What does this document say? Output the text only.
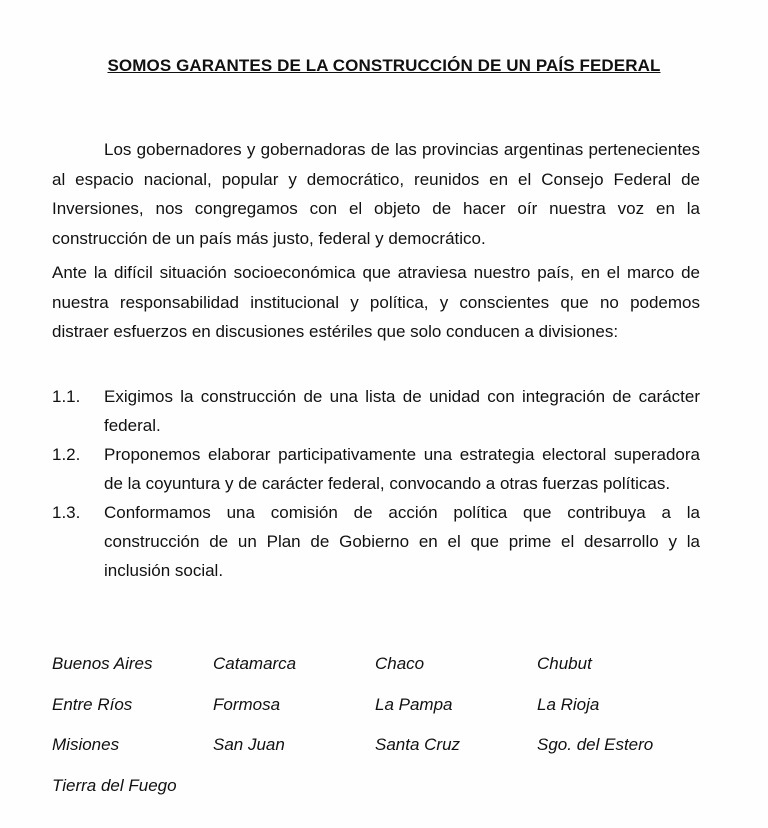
SOMOS GARANTES DE LA CONSTRUCCIÓN DE UN PAÍS FEDERAL

Los gobernadores y gobernadoras de las provincias argentinas pertenecientes al espacio nacional, popular y democrático, reunidos en el Consejo Federal de Inversiones, nos congregamos con el objeto de hacer oír nuestra voz en la construcción de un país más justo, federal y democrático.

Ante la difícil situación socioeconómica que atraviesa nuestro país, en el marco de nuestra responsabilidad institucional y política, y conscientes que no podemos distraer esfuerzos en discusiones estériles que solo conducen a divisiones:

1.1.	Exigimos la construcción de una lista de unidad con integración de carácter federal.
1.2.	Proponemos elaborar participativamente una estrategia electoral superadora de la coyuntura y de carácter federal, convocando a otras fuerzas políticas.
1.3.	Conformamos una comisión de acción política que contribuya a la construcción de un Plan de Gobierno en el que prime el desarrollo y la inclusión social.
Buenos Aires	Catamarca	Chaco	Chubut
Entre Ríos	Formosa	La Pampa	La Rioja
Misiones	San Juan	Santa Cruz	Sgo. del Estero
Tierra del Fuego
